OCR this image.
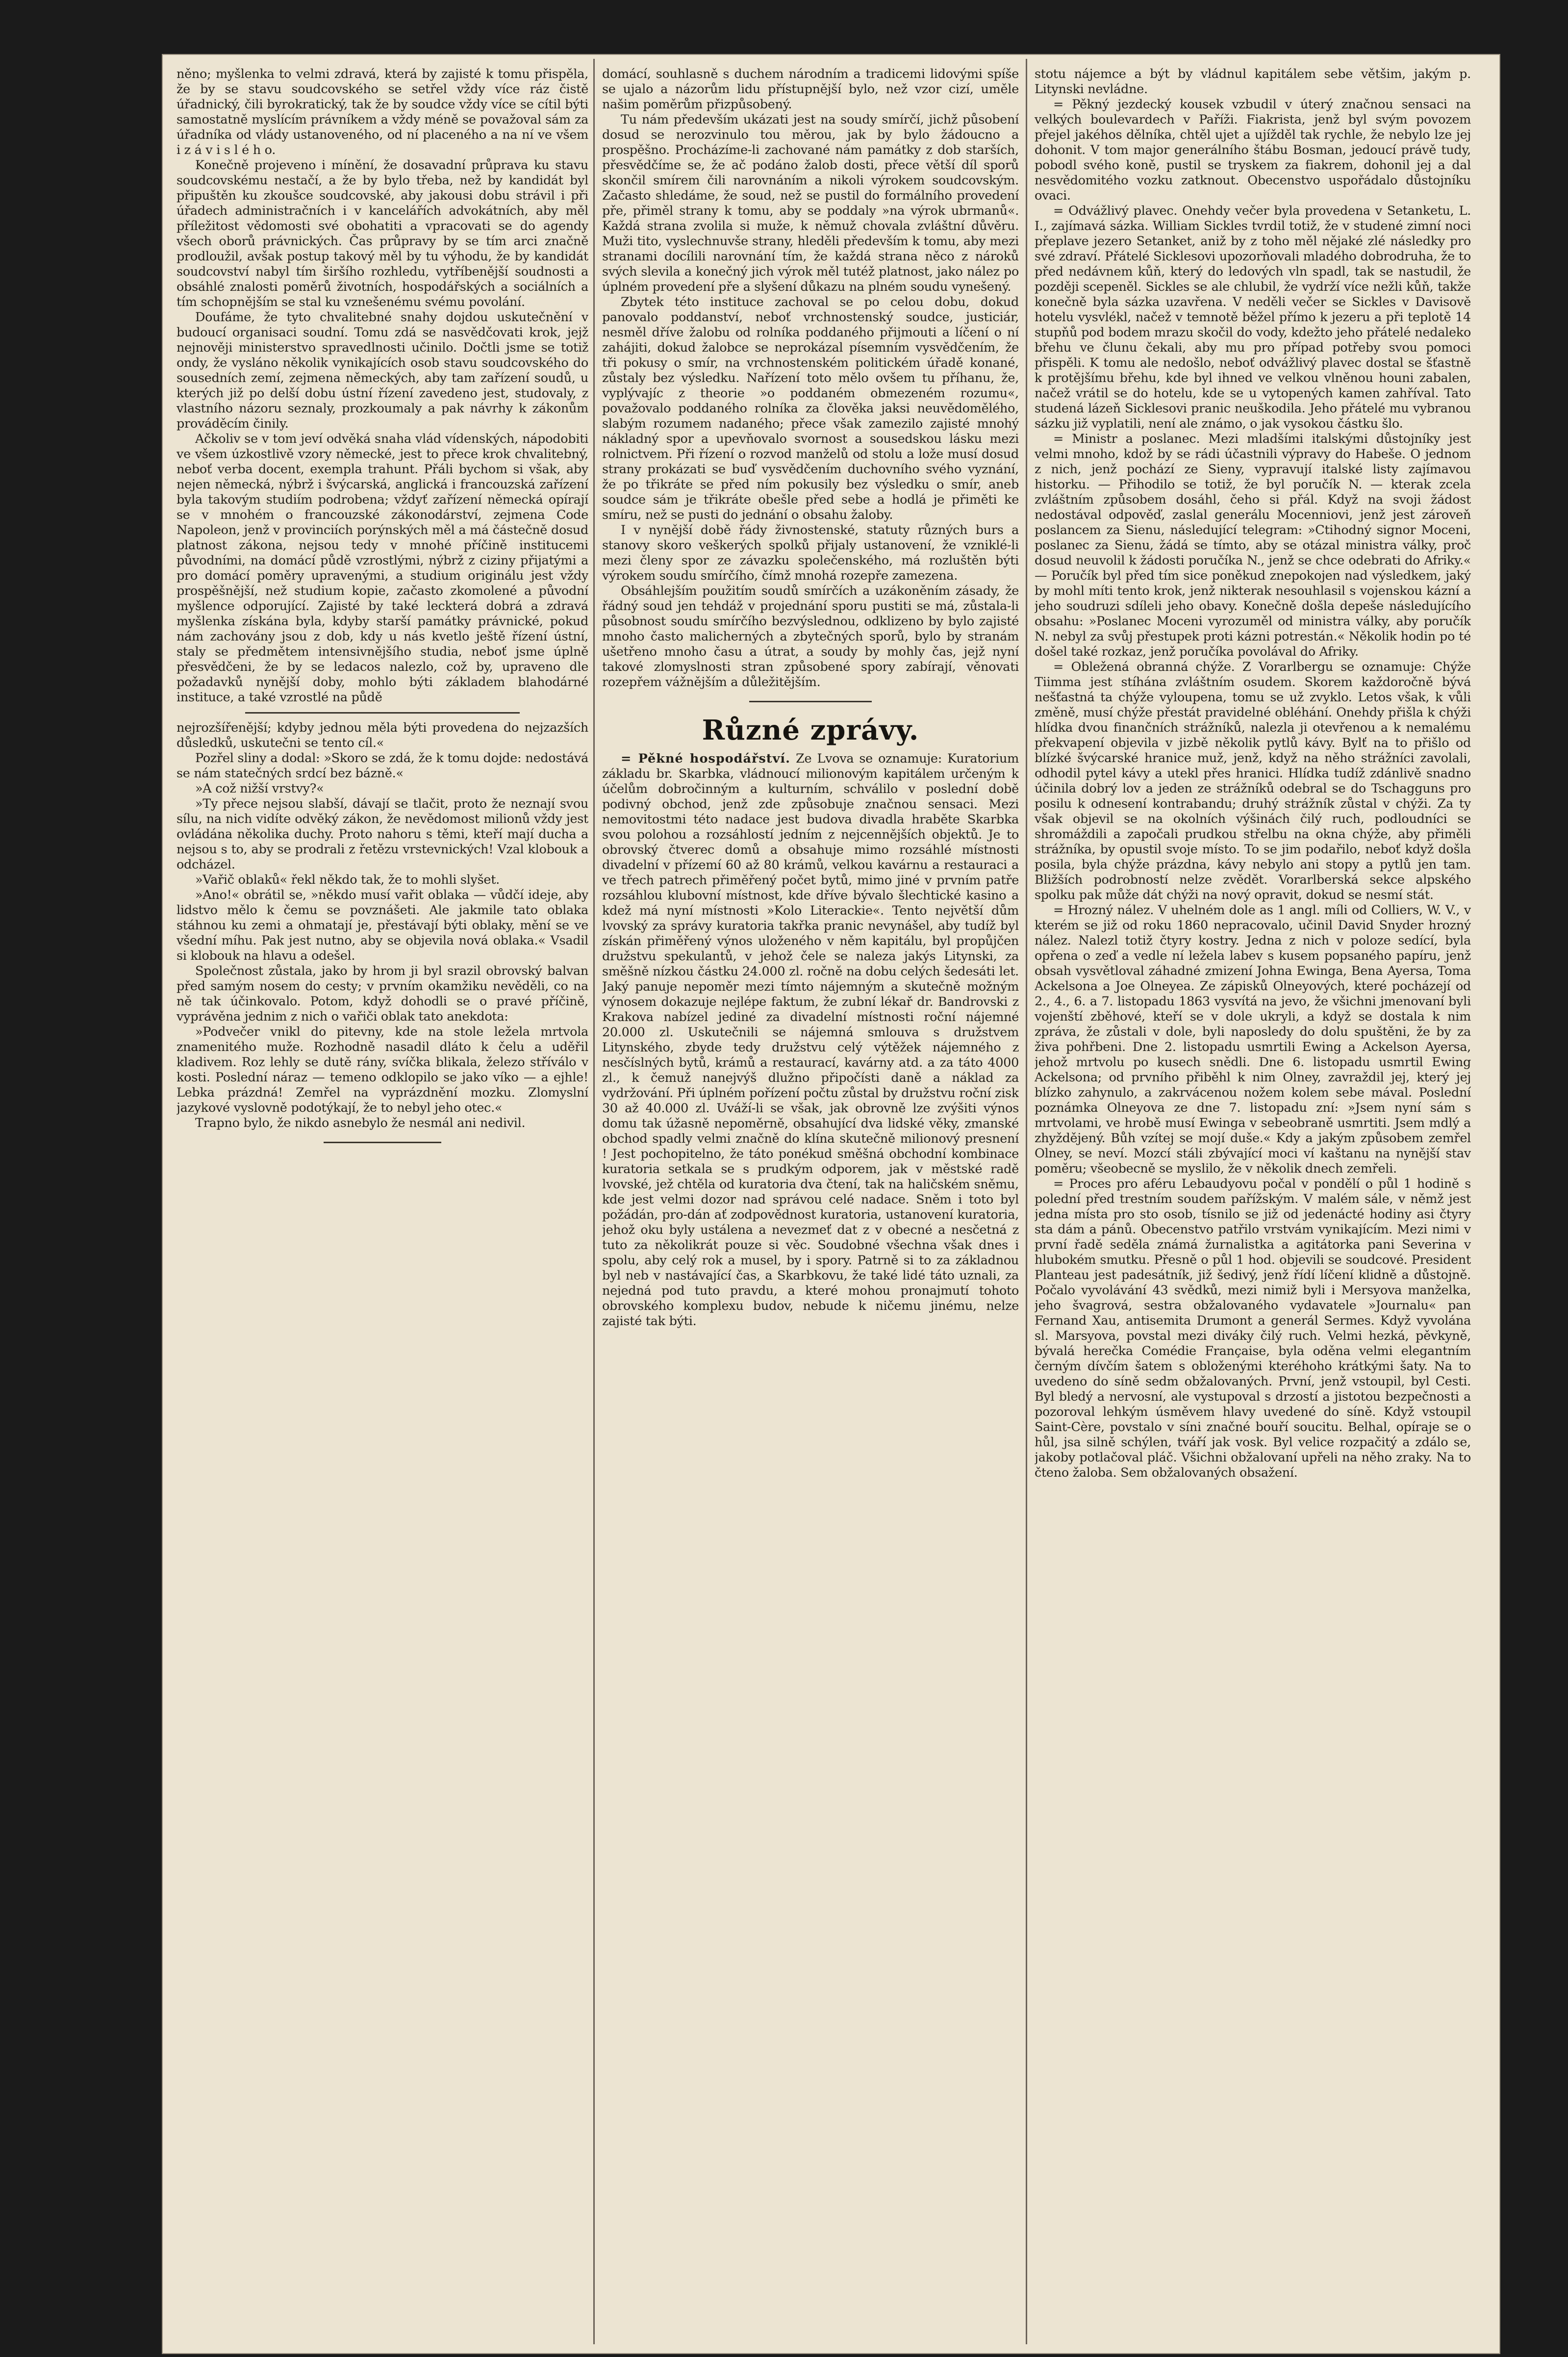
něno; myšlenka to velmi zdravá, která by zajisté k tomu přispěla, že by se stavu soudcovského se setřel vždy více ráz čistě úřadnický, čili byrokratický, tak že by soudce vždy více se cítil býti samostatně myslícím právníkem a vždy méně se považoval sám za úřadníka od vlády ustanoveného, od ní placeného a na ní ve všem i z á v i s l é h o.

Konečně projeveno i mínění, že dosavadní průprava ku stavu soudcovskému nestačí, a že by bylo třeba, než by kandidát byl připuštěn ku zkoušce soudcovské, aby jakousi dobu strávil i při úřadech administračních i v kancelářích advokátních, aby měl příležitost vědomosti své obohatiti a vpracovati se do agendy všech oborů právnických. Čas průpravy by se tím arci značně prodloužil, avšak postup takový měl by tu výhodu, že by kandidát soudcovství nabyl tím širšího rozhledu, vytříbenější soudnosti a obsáhlé znalosti poměrů životních, hospodářských a sociálních a tím schopnějším se stal ku vznešenému svému povolání.

Doufáme, že tyto chvalitebné snahy dojdou uskutečnění v budoucí organisaci soudní. Tomu zdá se nasvědčovati krok, jejž nejnověji ministerstvo spravedlnosti učinilo. Dočtli jsme se totiž ondy, že vysláno několik vynikajících osob stavu soudcovského do sousedních zemí, zejmena německých, aby tam zařízení soudů, u kterých již po delší dobu ústní řízení zavedeno jest, studovaly, z vlastního názoru seznaly, prozkoumaly a pak návrhy k zákonům prováděcím činily.

Ačkoliv se v tom jeví odvěká snaha vlád vídenských, nápodobiti ve všem úzkostlivě vzory německé, jest to přece krok chvalitebný, neboť verba docent, exempla trahunt. Přáli bychom si však, aby nejen německá, nýbrž i švýcarská, anglická i francouzská zařízení byla takovým studiím podrobena; vždyť zařízení německá opírají se v mnohém o francouzské zákonodárství, zejmena Code Napoleon, jenž v provinciích porýnských měl a má částečně dosud platnost zákona, nejsou tedy v mnohé příčině institucemi původními, na domácí půdě vzrostlými, nýbrž z ciziny přijatými a pro domácí poměry upravenými, a studium originálu jest vždy prospěšnější, než studium kopie, začasto zkomolené a původní myšlence odporující. Zajisté by také leckterá dobrá a zdravá myšlenka získána byla, kdyby starší památky právnické, pokud nám zachovány jsou z dob, kdy u nás kvetlo ještě řízení ústní, staly se předmětem intensivnějšího studia, neboť jsme úplně přesvědčeni, že by se ledacos nalezlo, což by, upraveno dle požadavků nynější doby, mohlo býti základem blahodárné instituce, a také vzrostlé na půdě

nejrozšířenější; kdyby jednou měla býti provedena do nejzazších důsledků, uskutečni se tento cíl.«

Pozřel sliny a dodal: »Skoro se zdá, že k tomu dojde: nedostává se nám statečných srdcí bez bázně.«

»A což nižší vrstvy?«

»Ty přece nejsou slabší, dávají se tlačit, proto že neznají svou sílu, na nich vidíte odvěký zákon, že nevědomost milionů vždy jest ovládána několika duchy. Proto nahoru s těmi, kteří mají ducha a nejsou s to, aby se prodrali z řetězu vrstevnických! Vzal klobouk a odcházel.

»Vařič oblaků« řekl někdo tak, že to mohli slyšet.

»Ano!« obrátil se, »někdo musí vařit oblaka — vůdčí ideje, aby lidstvo mělo k čemu se povznášeti. Ale jakmile tato oblaka stáhnou ku zemi a ohmatají je, přestávají býti oblaky, mění se ve všední míhu. Pak jest nutno, aby se objevila nová oblaka.« Vsadil si klobouk na hlavu a odešel.

Společnost zůstala, jako by hrom ji byl srazil obrovský balvan před samým nosem do cesty; v prvním okamžiku nevěděli, co na ně tak účinkovalo. Potom, když dohodli se o pravé příčině, vyprávěna jednim z nich o vařiči oblak tato anekdota:

»Podvečer vnikl do pitevny, kde na stole ležela mrtvola znamenitého muže. Rozhodně nasadil dláto k čelu a uděřil kladivem. Roz lehly se dutě rány, svíčka blikala, železo stříválo v kosti. Poslední náraz — temeno odklopilo se jako víko — a ejhle! Lebka prázdná! Zemřel na vyprázdnění mozku. Zlomyslní jazykové vyslovně podotýkají, že to nebyl jeho otec.«

Trapno bylo, že nikdo asnebylo že nesmál ani nedivil.

domácí, souhlasně s duchem národním a tradicemi lidovými spíše se ujalo a názorům lidu přístupnější bylo, než vzor cizí, uměle našim poměrům přizpůsobený.

Tu nám především ukázati jest na soudy smírčí, jichž působení dosud se nerozvinulo tou měrou, jak by bylo žádoucno a prospěšno. Procházíme-li zachované nám památky z dob starších, přesvědčíme se, že ač podáno žalob dosti, přece větší díl sporů skončil smírem čili narovnáním a nikoli výrokem soudcovským. Začasto shledáme, že soud, než se pustil do formálního provedení pře, přiměl strany k tomu, aby se poddaly »na výrok ubrmanů«. Každá strana zvolila si muže, k němuž chovala zvláštní důvěru. Muži tito, vyslechnuvše strany, hleděli především k tomu, aby mezi stranami docílili narovnání tím, že každá strana něco z nároků svých slevila a konečný jich výrok měl tutéž platnost, jako nález po úplném provedení pře a slyšení důkazu na plném soudu vynešený.

Zbytek této instituce zachoval se po celou dobu, dokud panovalo poddanství, neboť vrchnostenský soudce, justiciár, nesměl dříve žalobu od rolníka poddaného přijmouti a líčení o ní zahájiti, dokud žalobce se neprokázal písemním vysvědčením, že tři pokusy o smír, na vrchnostenském politickém úřadě konané, zůstaly bez výsledku. Nařízení toto mělo ovšem tu příhanu, že, vyplývajíc z theorie »o poddaném obmezeném rozumu«, považovalo poddaného rolníka za člověka jaksi neuvědomělého, slabým rozumem nadaného; přece však zamezilo zajisté mnohý nákladný spor a upevňovalo svornost a sousedskou lásku mezi rolnictvem. Při řízení o rozvod manželů od stolu a lože musí dosud strany prokázati se buď vysvědčením duchovního svého vyznání, že po třikráte se před ním pokusily bez výsledku o smír, aneb soudce sám je třikráte obešle před sebe a hodlá je přiměti ke smíru, než se pusti do jednání o obsahu žaloby.

I v nynější době řády živnostenské, statuty různých burs a stanovy skoro veškerých spolků přijaly ustanovení, že vzniklé-li mezi členy spor ze závazku společenského, má rozluštěn býti výrokem soudu smírčího, čímž mnohá rozepře zamezena.

Obsáhlejším použitím soudů smírčích a uzákoněním zásady, že řádný soud jen tehdáž v projednání sporu pustiti se má, zůstala-li působnost soudu smírčího bezvýslednou, odklizeno by bylo zajisté mnoho často malicherných a zbytečných sporů, bylo by stranám ušetřeno mnoho času a útrat, a soudy by mohly čas, jejž nyní takové zlomyslnosti stran způsobené spory zabírají, věnovati rozepřem vážnějším a důležitějším.

Různé zprávy.

= Pěkné hospodářství. Ze Lvova se oznamuje: Kuratorium základu br. Skarbka, vládnoucí milionovým kapitálem určeným k účelům dobročinným a kulturním, schválilo v poslední době podivný obchod, jenž zde způsobuje značnou sensaci. Mezi nemovitostmi této nadace jest budova divadla hraběte Skarbka svou polohou a rozsáhlostí jedním z nejcennějších objektů. Je to obrovský čtverec domů a obsahuje mimo rozsáhlé místnosti divadelní v přízemí 60 až 80 krámů, velkou kavárnu a restauraci a ve třech patrech přiměřený počet bytů, mimo jiné v prvním patře rozsáhlou klubovní místnost, kde dříve bývalo šlechtické kasino a kdež má nyní místnosti »Kolo Literackie«. Tento největší dům lvovský za správy kuratoria takřka pranic nevynášel, aby tudíž byl získán přiměřený výnos uloženého v něm kapitálu, byl propůjčen družstvu spekulantů, v jehož čele se naleza jakýs Litynski, za směšně nízkou částku 24.000 zl. ročně na dobu celých šedesáti let. Jaký panuje nepoměr mezi tímto nájemným a skutečně možným výnosem dokazuje nejlépe faktum, že zubní lékař dr. Bandrovski z Krakova nabízel jediné za divadelní místnosti roční nájemné 20.000 zl. Uskutečnili se nájemná smlouva s družstvem Litynského, zbyde tedy družstvu celý výtěžek nájemného z nesčíslných bytů, krámů a restaurací, kavárny atd. a za táto 4000 zl., k čemuž nanejvýš dlužno připočísti daně a náklad za vydržování. Při úplném pořízení počtu zůstal by družstvu roční zisk 30 až 40.000 zl. Uváží-li se však, jak obrovně lze zvýšiti výnos domu tak úžasně nepoměrně, obsahující dva lidské věky, zmanské obchod spadly velmi značně do klína skutečně milionový presnení ! Jest pochopitelno, že táto ponékud směšná obchodní kombinace kuratoria setkala se s prudkým odporem, jak v městské radě lvovské, jež chtěla od kuratoria dva čtení, tak na haličském sněmu, kde jest velmi dozor nad správou celé nadace. Sněm i toto byl požádán, pro-dán ať zodpovědnost kuratoria, ustanovení kuratoria, jehož oku byly ustálena a nevezmeť dat z v obecné a nesčetná z tuto za několikrát pouze si věc. Soudobné všechna však dnes i spolu, aby celý rok a musel, by i spory. Patrně si to za základnou byl neb v nastávající čas, a Skarbkovu, že také lidé táto uznali, za nejedná pod tuto pravdu, a které mohou pronajmutí tohoto obrovského komplexu budov, nebude k ničemu jinému, nelze zajisté tak býti.

stotu nájemce a být by vládnul kapitálem sebe většim, jakým p. Litynski nevládne.

= Pěkný jezdecký kousek vzbudil v úterý značnou sensaci na velkých boulevardech v Paříži. Fiakrista, jenž byl svým povozem přejel jakéhos dělníka, chtěl ujet a ujížděl tak rychle, že nebylo lze jej dohonit. V tom major generálního štábu Bosman, jedoucí právě tudy, pobodl svého koně, pustil se tryskem za fiakrem, dohonil jej a dal nesvědomitého vozku zatknout. Obecenstvo uspořádalo důstojníku ovaci.

= Odvážlivý plavec. Onehdy večer byla provedena v Setanketu, L. I., zajímavá sázka. William Sickles tvrdil totiž, že v studené zimní noci přeplave jezero Setanket, aniž by z toho měl nějaké zlé následky pro své zdraví. Přátelé Sicklesovi upozorňovali mladého dobrodruha, že to před nedávnem kůň, který do ledových vln spadl, tak se nastudil, že později scepeněl. Sickles se ale chlubil, že vydrží více nežli kůň, takže konečně byla sázka uzavřena. V neděli večer se Sickles v Davisově hotelu vysvlékl, načež v temnotě běžel přímo k jezeru a při teplotě 14 stupňů pod bodem mrazu skočil do vody, kdežto jeho přátelé nedaleko břehu ve člunu čekali, aby mu pro případ potřeby svou pomoci přispěli. K tomu ale nedošlo, neboť odvážlivý plavec dostal se šťastně k protějšímu břehu, kde byl ihned ve velkou vlněnou houni zabalen, načež vrátil se do hotelu, kde se u vytopených kamen zahříval. Tato studená lázeň Sicklesovi pranic neuškodila. Jeho přátelé mu vybranou sázku již vyplatili, není ale známo, o jak vysokou částku šlo.

= Ministr a poslanec. Mezi mladšími italskými důstojníky jest velmi mnoho, kdož by se rádi účastnili výpravy do Habeše. O jednom z nich, jenž pochází ze Sieny, vypravují italské listy zajímavou historku. — Přihodilo se totiž, že byl poručík N. — kterak zcela zvláštním způsobem dosáhl, čeho si přál. Když na svoji žádost nedostával odpověď, zaslal generálu Mocenniovi, jenž jest zároveň poslancem za Sienu, následující telegram: »Ctihodný signor Moceni, poslanec za Sienu, žádá se tímto, aby se otázal ministra války, proč dosud neuvolil k žádosti poručíka N., jenž se chce odebrati do Afriky.« — Poručík byl před tím sice poněkud znepokojen nad výsledkem, jaký by mohl míti tento krok, jenž nikterak nesouhlasil s vojenskou kázní a jeho soudruzi sdíleli jeho obavy. Konečně došla depeše následujícího obsahu: »Poslanec Moceni vyrozuměl od ministra války, aby poručík N. nebyl za svůj přestupek proti kázni potrestán.« Několik hodin po té došel také rozkaz, jenž poručíka povolával do Afriky.

= Obležená obranná chýže. Z Vorarlbergu se oznamuje: Chýže Tiimma jest stíhána zvláštním osudem. Skorem každoročně bývá nešťastná ta chýže vyloupena, tomu se už zvyklo. Letos však, k vůli změně, musí chýže přestát pravidelné obléhání. Onehdy přišla k chýži hlídka dvou finančních strážníků, nalezla ji otevřenou a k nemalému překvapení objevila v jizbě několik pytlů kávy. Bylť na to přišlo od blízké švýcarské hranice muž, jenž, když na něho strážníci zavolali, odhodil pytel kávy a utekl přes hranici. Hlídka tudíž zdánlivě snadno účinila dobrý lov a jeden ze strážníků odebral se do Tschagguns pro posilu k odnesení kontrabandu; druhý strážník zůstal v chýži. Za ty však objevil se na okolních výšinách čilý ruch, podloudníci se shromáždili a započali prudkou střelbu na okna chýže, aby přiměli strážníka, by opustil svoje místo. To se jim podařilo, neboť když došla posila, byla chýže prázdna, kávy nebylo ani stopy a pytlů jen tam. Bližších podrobností nelze zvědět. Vorarlberská sekce alpského spolku pak může dát chýži na nový opravit, dokud se nesmí stát.

= Hrozný nález. V uhelném dole as 1 angl. míli od Colliers, W. V., v kterém se již od roku 1860 nepracovalo, učinil David Snyder hrozný nález. Nalezl totiž čtyry kostry. Jedna z nich v poloze sedící, byla opřena o zeď a vedle ní ležela labev s kusem popsaného papíru, jenž obsah vysvětloval záhadné zmizení Johna Ewinga, Bena Ayersa, Toma Ackelsona a Joe Olneyea. Ze zápisků Olneyových, které pocházejí od 2., 4., 6. a 7. listopadu 1863 vysvítá na jevo, že všichni jmenovaní byli vojenští zběhové, kteří se v dole ukryli, a když se dostala k nim zpráva, že zůstali v dole, byli naposledy do dolu spuštěni, že by za živa pohřbeni. Dne 2. listopadu usmrtili Ewing a Ackelson Ayersa, jehož mrtvolu po kusech snědli. Dne 6. listopadu usmrtil Ewing Ackelsona; od prvního přiběhl k nim Olney, zavraždil jej, který jej blízko zahynulo, a zakrvácenou nožem kolem sebe mával. Poslední poznámka Olneyova ze dne 7. listopadu zní: »Jsem nyní sám s mrtvolami, ve hrobě musí Ewinga v sebeobraně usmrtiti. Jsem mdlý a zhyždějený. Bůh vzítej se mojí duše.« Kdy a jakým způsobem zemřel Olney, se neví. Mozcí stáli zbývající moci ví kaštanu na nynější stav poměru; všeobecně se myslilo, že v několik dnech zemřeli.

= Proces pro aféru Lebaudyovu počal v pondělí o půl 1 hodině s polední před trestním soudem pařížským. V malém sále, v němž jest jedna místa pro sto osob, tísnilo se již od jedenácté hodiny asi čtyry sta dám a pánů. Obecenstvo patřilo vrstvám vynikajícím. Mezi nimi v první řadě seděla známá žurnalistka a agitátorka pani Severina v hlubokém smutku. Přesně o půl 1 hod. objevili se soudcové. President Planteau jest padesátník, již šedivý, jenž řídí líčení klidně a důstojně. Počalo vyvolávání 43 svědků, mezi nimiž byli i Mersyova manželka, jeho švagrová, sestra obžalovaného vydavatele »Journalu« pan Fernand Xau, antisemita Drumont a generál Sermes. Když vyvolána sl. Marsyova, povstal mezi diváky čilý ruch. Velmi hezká, pěvkyně, bývalá herečka Comédie Française, byla oděna velmi elegantním černým dívčím šatem s obloženými kteréhoho krátkými šaty. Na to uvedeno do síně sedm obžalovaných. První, jenž vstoupil, byl Cesti. Byl bledý a nervosní, ale vystupoval s drzostí a jistotou bezpečnosti a pozoroval lehkým úsměvem hlavy uvedené do síně. Když vstoupil Saint-Cère, povstalo v síni značné bouří soucitu. Belhal, opíraje se o hůl, jsa silně schýlen, tváří jak vosk. Byl velice rozpačitý a zdálo se, jakoby potlačoval pláč. Všichni obžalovaní upřeli na něho zraky. Na to čteno žaloba. Sem obžalovaných obsažení.
